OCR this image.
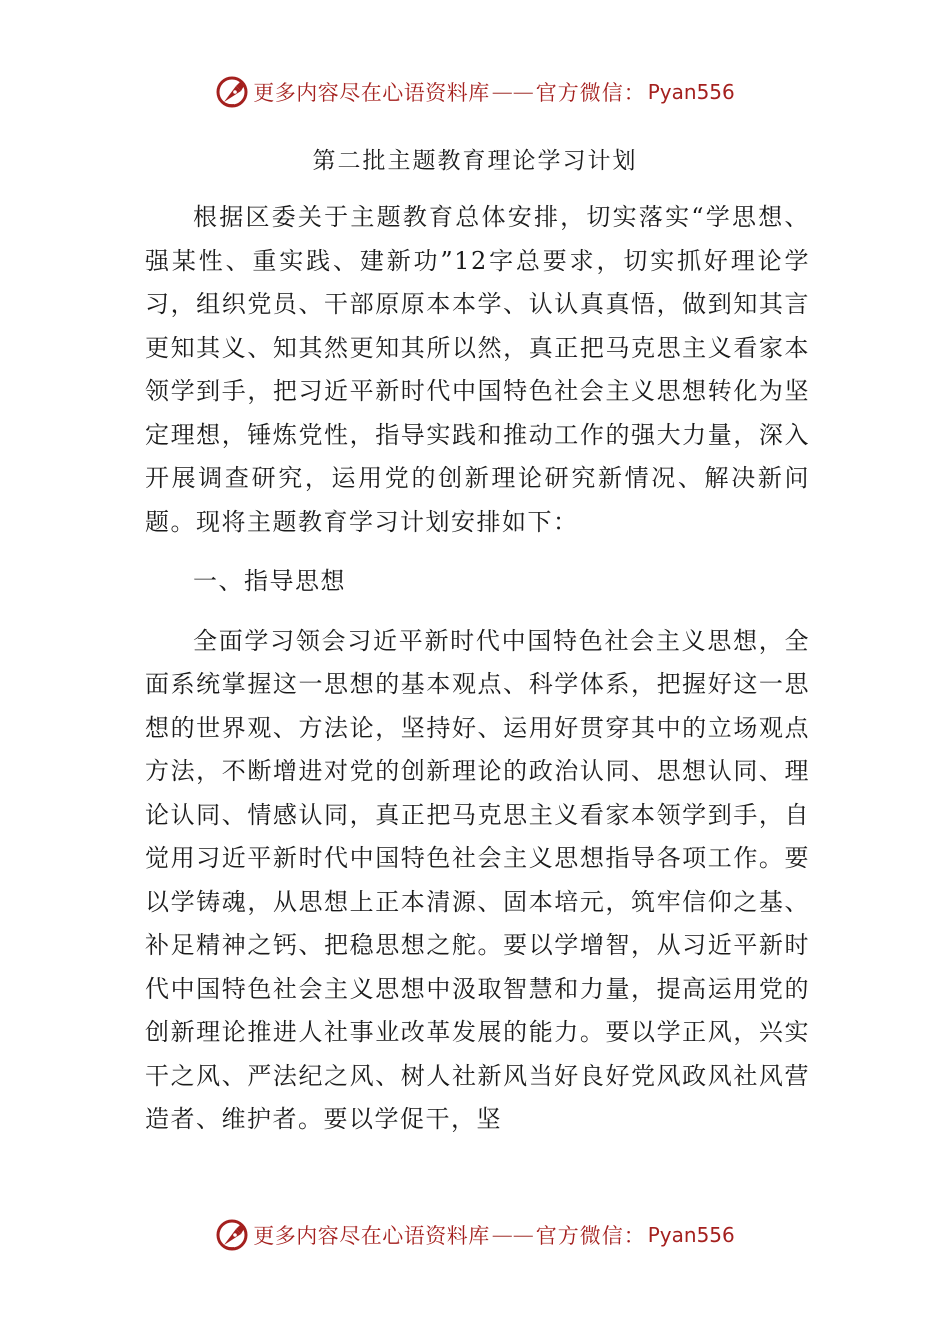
更多内容尽在心语资料库 —— 官方微信： Pyan556
第二批主题教育理论学习计划

根据区委关于主题教育总体安排，切实落实“学思想、强某性、重实践、建新功”12字总要求，切实抓好理论学习，组织党员、干部原原本本学、认认真真悟，做到知其言更知其义、知其然更知其所以然，真正把马克思主义看家本领学到手，把习近平新时代中国特色社会主义思想转化为坚定理想，锤炼党性，指导实践和推动工作的强大力量，深入开展调查研究，运用党的创新理论研究新情况、解决新问题。现将主题教育学习计划安排如下：

一、指导思想

全面学习领会习近平新时代中国特色社会主义思想，全面系统掌握这一思想的基本观点、科学体系，把握好这一思想的世界观、方法论，坚持好、运用好贯穿其中的立场观点方法，不断增进对党的创新理论的政治认同、思想认同、理论认同、情感认同，真正把马克思主义看家本领学到手，自觉用习近平新时代中国特色社会主义思想指导各项工作。要以学铸魂，从思想上正本清源、固本培元，筑牢信仰之基、补足精神之钙、把稳思想之舵。要以学增智，从习近平新时代中国特色社会主义思想中汲取智慧和力量，提高运用党的创新理论推进人社事业改革发展的能力。要以学正风，兴实干之风、严法纪之风、树人社新风当好良好党风政风社风营造者、维护者。要以学促干，坚

更多内容尽在心语资料库 —— 官方微信： Pyan556
